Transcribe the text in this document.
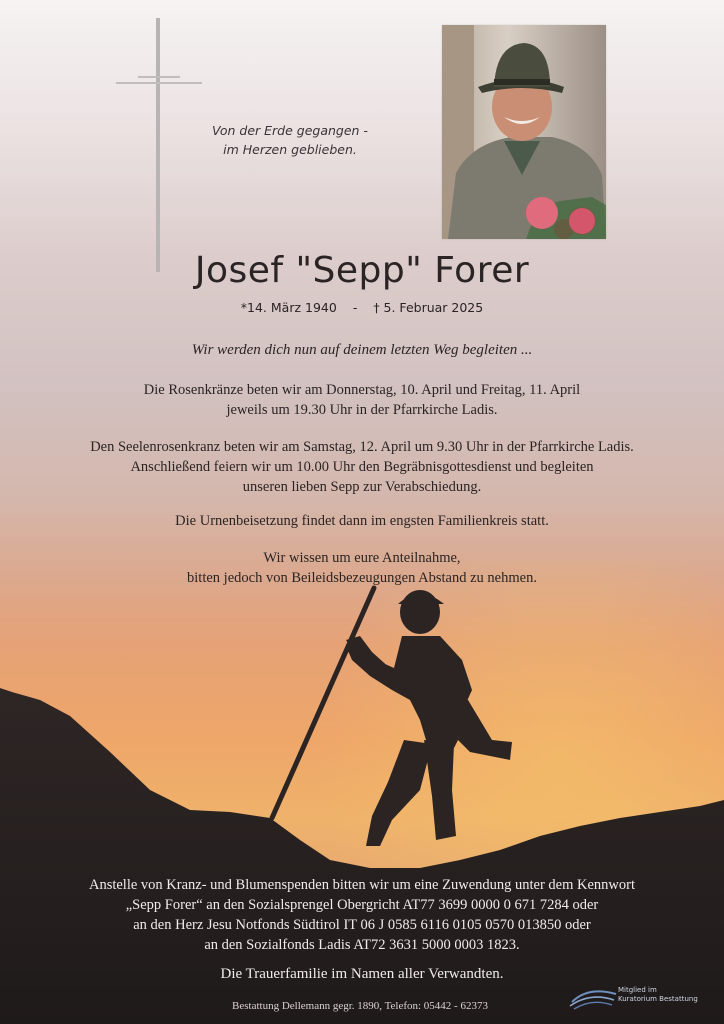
Von der Erde gegangen -
im Herzen geblieben.
Josef "Sepp" Forer
*14. März 1940 - † 5. Februar 2025
Wir werden dich nun auf deinem letzten Weg begleiten ...
Die Rosenkränze beten wir am Donnerstag, 10. April und Freitag, 11. April
jeweils um 19.30 Uhr in der Pfarrkirche Ladis.
Den Seelenrosenkranz beten wir am Samstag, 12. April um 9.30 Uhr in der Pfarrkirche Ladis.
Anschließend feiern wir um 10.00 Uhr den Begräbnisgottesdienst und begleiten
unseren lieben Sepp zur Verabschiedung.
Die Urnenbeisetzung findet dann im engsten Familienkreis statt.
Wir wissen um eure Anteilnahme,
bitten jedoch von Beileidsbezeugungen Abstand zu nehmen.
Anstelle von Kranz- und Blumenspenden bitten wir um eine Zuwendung unter dem Kennwort
„Sepp Forer“ an den Sozialsprengel Obergricht AT77 3699 0000 0 671 7284 oder
an den Herz Jesu Notfonds Südtirol IT 06 J 0585 6116 0105 0570 013850 oder
an den Sozialfonds Ladis AT72 3631 5000 0003 1823.
Die Trauerfamilie im Namen aller Verwandten.
Bestattung Dellemann gegr. 1890, Telefon: 05442 - 62373
Mitglied im
Kuratorium Bestattung
